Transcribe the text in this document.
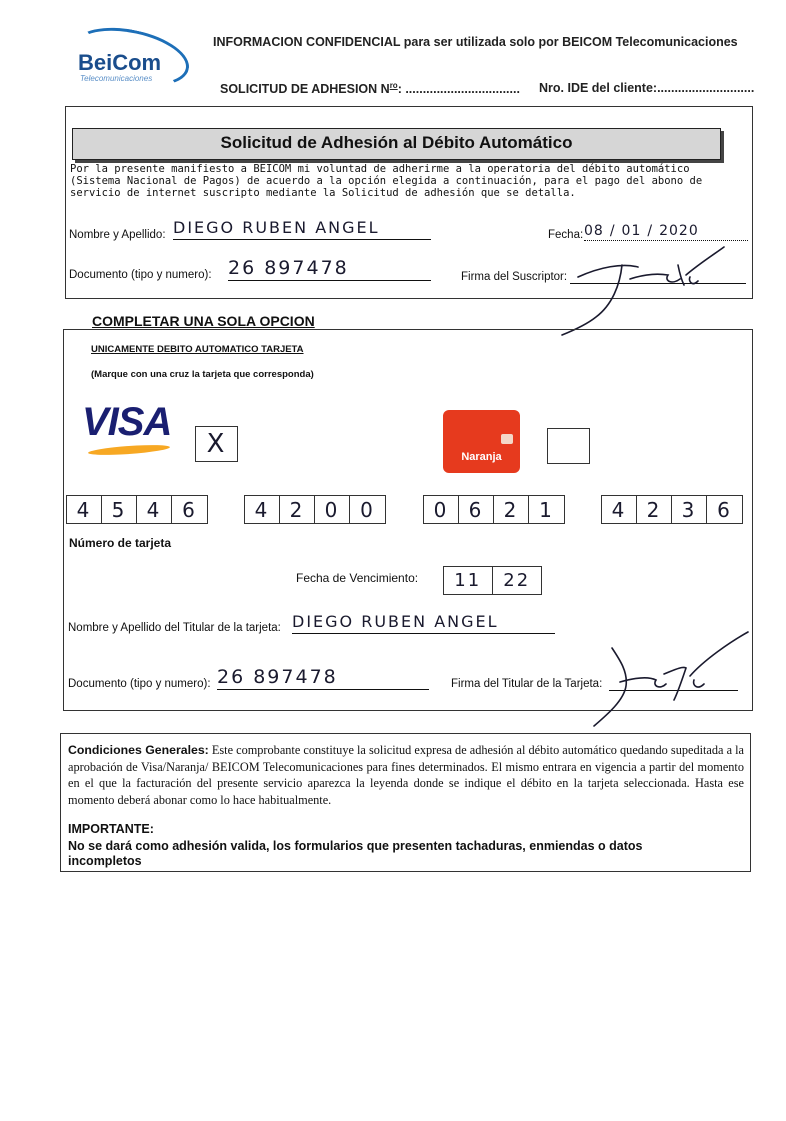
BeiCom
Telecomunicaciones
INFORMACION CONFIDENCIAL para ser utilizada solo por BEICOM Telecomunicaciones
SOLICITUD DE ADHESION $N^{ro}$: ................................. Nro. IDE del cliente:............................
Solicitud de Adhesión al Débito Automático
Por la presente manifiesto a BEICOM mi voluntad de adherirme a la operatoria del débito automático (Sistema Nacional de Pagos) de acuerdo a la opción elegida a continuación, para el pago del abono de servicio de internet suscripto mediante la Solicitud de adhesión que se detalla.
Nombre y Apellido: DIEGO RUBEN ANGEL	Fecha: 08 / 01 / 2020
Documento (tipo y numero): 26 897478	Firma del Suscriptor:
COMPLETAR UNA SOLA OPCION
UNICAMENTE DEBITO AUTOMATICO TARJETA
(Marque con una cruz la tarjeta que corresponda)
VISA	X	Naranja
4	5	4	6	4	2	0	0	0	6	2	1	4	2	3	6
Número de tarjeta
Fecha de Vencimiento:	11	22
Nombre y Apellido del Titular de la tarjeta: DIEGO RUBEN ANGEL
Documento (tipo y numero): 26 897478	Firma del Titular de la Tarjeta:
Condiciones Generales: Este comprobante constituye la solicitud expresa de adhesión al débito automático quedando supeditada a la aprobación de Visa/Naranja/ BEICOM Telecomunicaciones para fines determinados. El mismo entrara en vigencia a partir del momento en el que la facturación del presente servicio aparezca la leyenda donde se indique el débito en la tarjeta seleccionada. Hasta ese momento deberá abonar como lo hace habitualmente.
IMPORTANTE:
No se dará como adhesión valida, los formularios que presenten tachaduras, enmiendas o datos incompletos
